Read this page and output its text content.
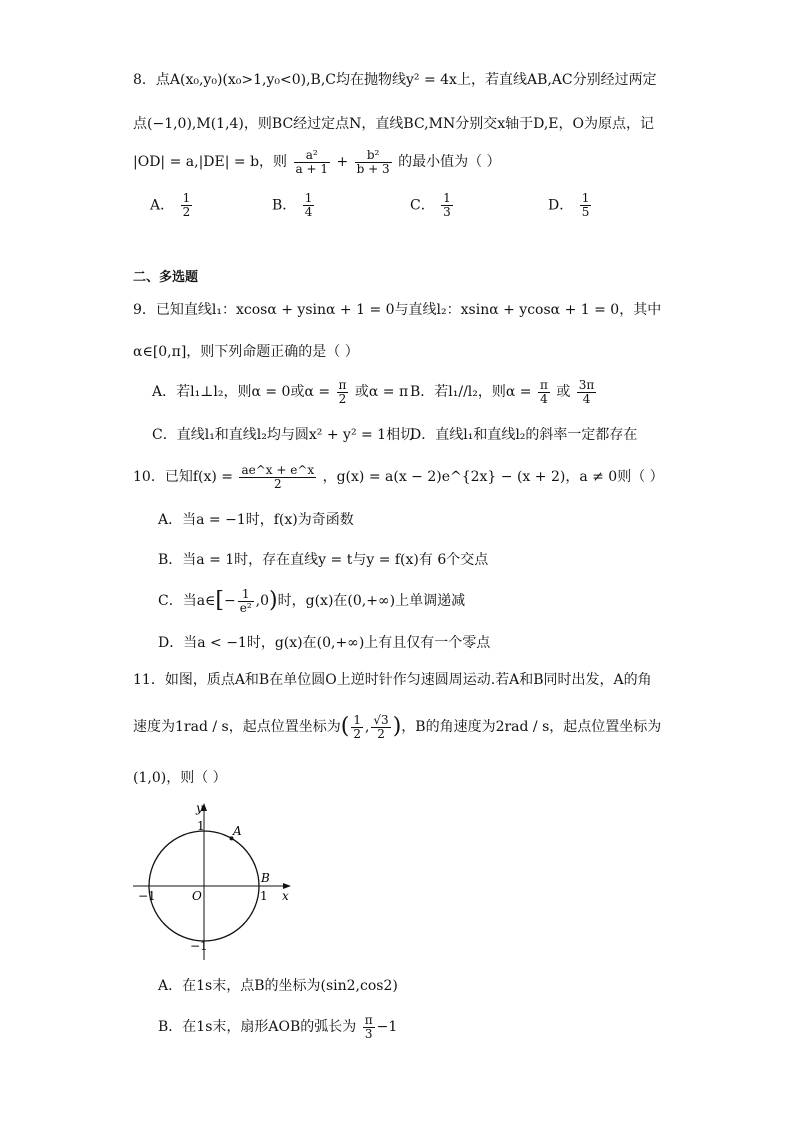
8．点A(x₀,y₀)(x₀>1,y₀<0),B,C均在抛物线y² = 4x上，若直线AB,AC分别经过两定
点(−1,0),M(1,4)，则BC经过定点N，直线BC,MN分别交x轴于D,E，O为原点，记
|OD| = a,|DE| = b，则 $\frac{\text{a²}}{a + 1} + \frac{\text{b²}}{b + 3}$ 的最小值为（ ）
A． $\frac{1}{2}$	B． $\frac{1}{4}$	C． $\frac{1}{3}$	D． $\frac{1}{5}$
二、多选题
9．已知直线l₁：xcosα + ysinα + 1 = 0与直线l₂：xsinα + ycosα + 1 = 0，其中
α∈[0,π]，则下列命题正确的是（ ）
A．若l₁⊥l₂，则α = 0或$\alpha = \frac{\pi}{2}$ 或α = π B．若l₁//l₂，则$\alpha = \frac{\pi}{4}$ 或 $\frac{3\pi}{4}$
C．直线l₁和直线l₂均与圆x² + y² = 1相切
D．直线l₁和直线l₂的斜率一定都存在
10．已知$f(x) = \frac{ae\^{}x + e\^{}x}{2}$ ，g(x) = a(x − 2)e^{2x} − (x + 2)，a ≠ 0则（ ）
A．当a = −1时，f(x)为奇函数
B．当a = 1时，存在直线y = t与y = f(x)有 6个交点
C．当a∈[− $\frac{1}{\text{e²}} ,0$)时，g(x)在(0,+∞)上单调递减
D．当a < −1时，g(x)在(0,+∞)上有且仅有一个零点
11．如图，质点A和B在单位圆O上逆时针作匀速圆周运动.若A和B同时出发，A的角
速度为1rad / s，起点位置坐标为( $\frac{1}{2}$ , $\frac{√3}{2}$ )，B的角速度为2rad / s，起点位置坐标为
(1,0)，则（ ）
y
x
O
1
−1
−1	1
A
B
A．在1s末，点B的坐标为(sin2,cos2)
B．在1s末，扇形AOB的弧长为 $\frac{\pi}{3} -1$
